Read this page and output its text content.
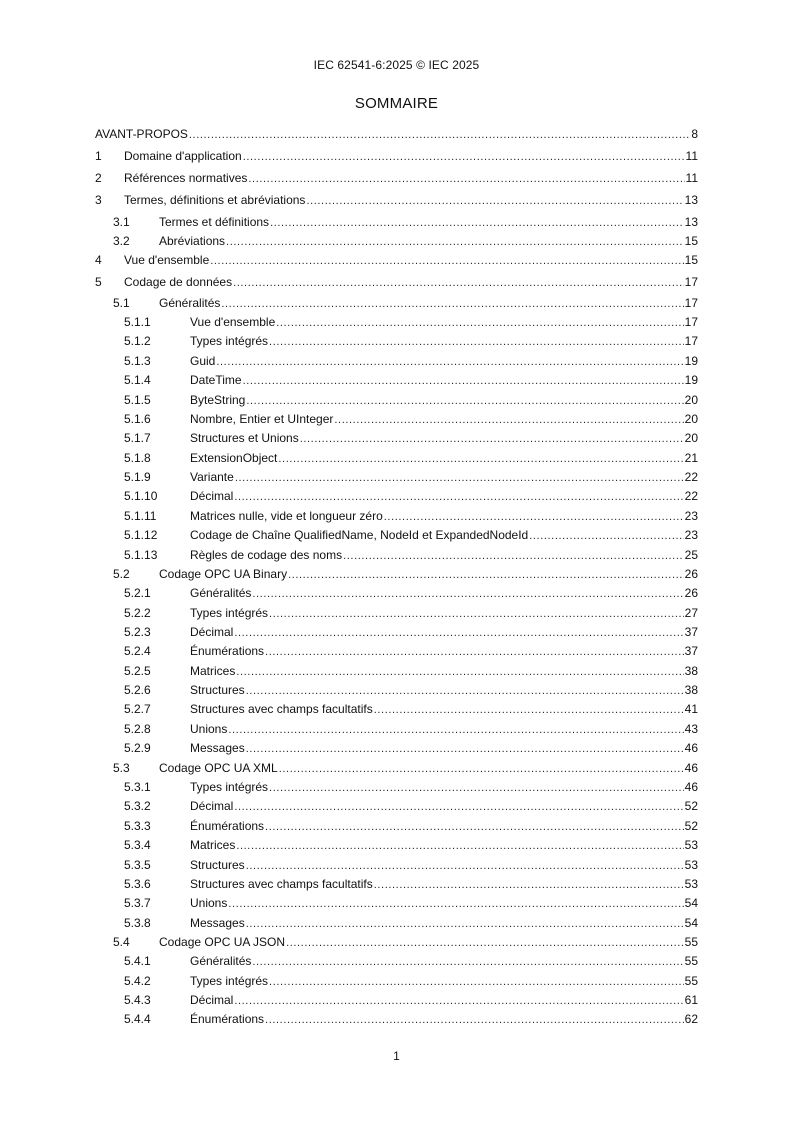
IEC 62541-6:2025 © IEC 2025
SOMMAIRE
AVANT-PROPOS .....	8
1	Domaine d'application .....	11
2	Références normatives .....	11
3	Termes, définitions et abréviations .....	13
3.1	Termes et définitions .....	13
3.2	Abréviations .....	15
4	Vue d'ensemble .....	15
5	Codage de données .....	17
5.1	Généralités .....	17
5.1.1	Vue d'ensemble .....	17
5.1.2	Types intégrés .....	17
5.1.3	Guid .....	19
5.1.4	DateTime .....	19
5.1.5	ByteString .....	20
5.1.6	Nombre, Entier et UInteger .....	20
5.1.7	Structures et Unions .....	20
5.1.8	ExtensionObject .....	21
5.1.9	Variante .....	22
5.1.10	Décimal .....	22
5.1.11	Matrices nulle, vide et longueur zéro .....	23
5.1.12	Codage de Chaîne QualifiedName, NodeId et ExpandedNodeId .....	23
5.1.13	Règles de codage des noms .....	25
5.2	Codage OPC UA Binary .....	26
5.2.1	Généralités .....	26
5.2.2	Types intégrés .....	27
5.2.3	Décimal .....	37
5.2.4	Énumérations .....	37
5.2.5	Matrices .....	38
5.2.6	Structures .....	38
5.2.7	Structures avec champs facultatifs .....	41
5.2.8	Unions .....	43
5.2.9	Messages .....	46
5.3	Codage OPC UA XML .....	46
5.3.1	Types intégrés .....	46
5.3.2	Décimal .....	52
5.3.3	Énumérations .....	52
5.3.4	Matrices .....	53
5.3.5	Structures .....	53
5.3.6	Structures avec champs facultatifs .....	53
5.3.7	Unions .....	54
5.3.8	Messages .....	54
5.4	Codage OPC UA JSON .....	55
5.4.1	Généralités .....	55
5.4.2	Types intégrés .....	55
5.4.3	Décimal .....	61
5.4.4	Énumérations .....	62
1
